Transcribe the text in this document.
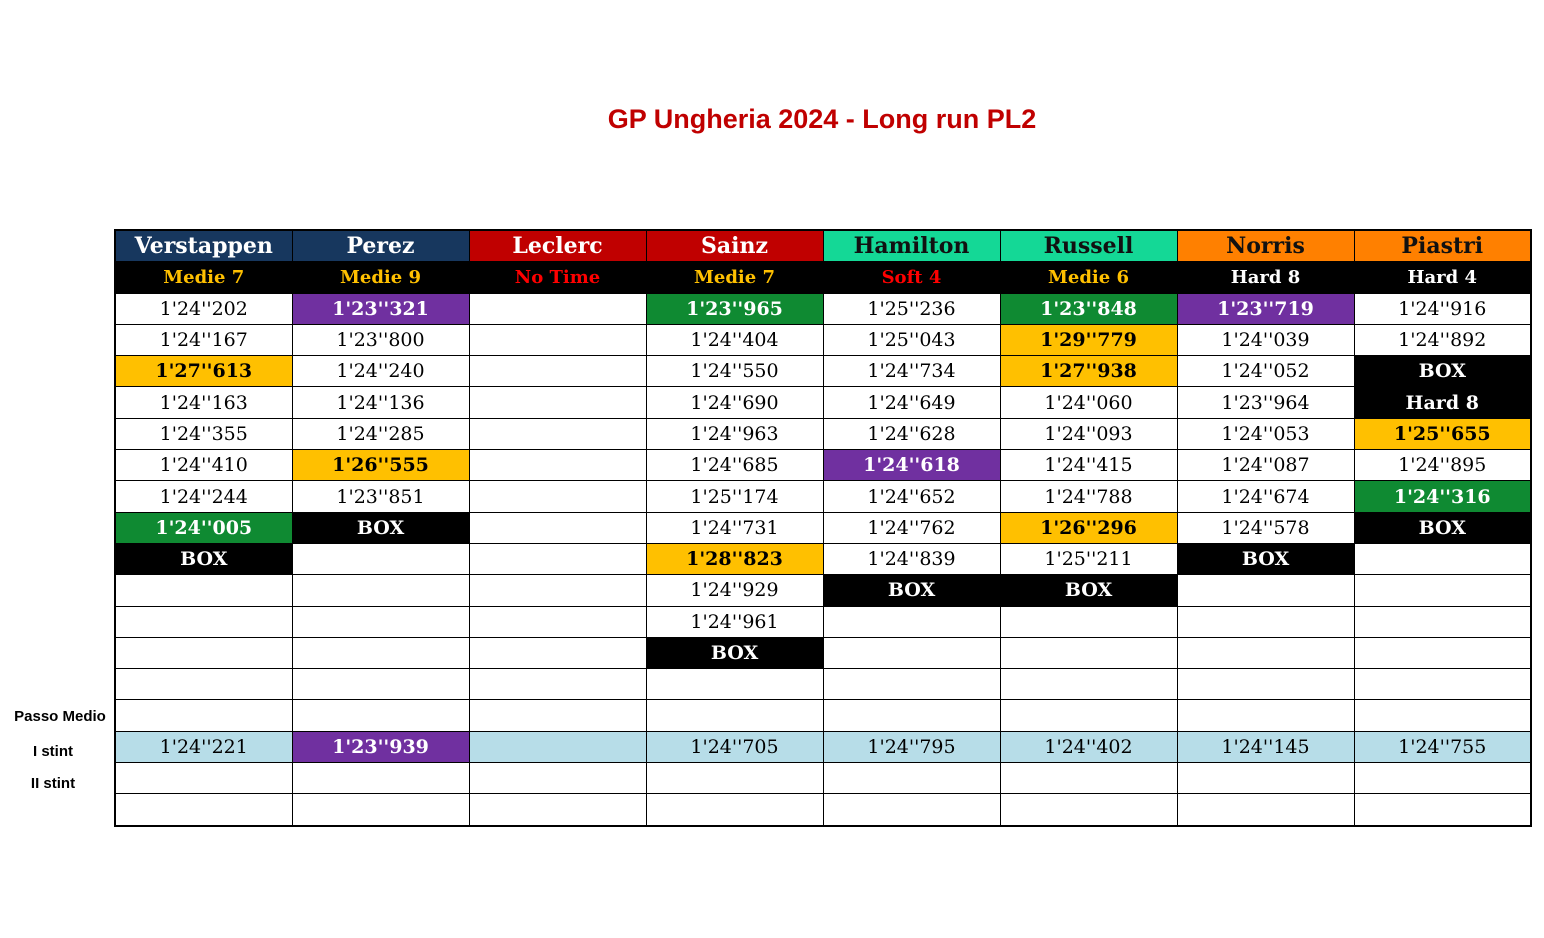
GP Ungheria 2024 - Long run PL2
Passo Medio
I stint
II stint
Verstappen	Perez	Leclerc	Sainz	Hamilton	Russell	Norris	Piastri
Medie 7	Medie 9	No Time	Medie 7	Soft 4	Medie 6	Hard 8	Hard 4
1'24''202	1'23''321		1'23''965	1'25''236	1'23''848	1'23''719	1'24''916
1'24''167	1'23''800		1'24''404	1'25''043	1'29''779	1'24''039	1'24''892
1'27''613	1'24''240		1'24''550	1'24''734	1'27''938	1'24''052	BOX
1'24''163	1'24''136		1'24''690	1'24''649	1'24''060	1'23''964	Hard 8
1'24''355	1'24''285		1'24''963	1'24''628	1'24''093	1'24''053	1'25''655
1'24''410	1'26''555		1'24''685	1'24''618	1'24''415	1'24''087	1'24''895
1'24''244	1'23''851		1'25''174	1'24''652	1'24''788	1'24''674	1'24''316
1'24''005	BOX		1'24''731	1'24''762	1'26''296	1'24''578	BOX
BOX			1'28''823	1'24''839	1'25''211	BOX	
			1'24''929	BOX	BOX		
			1'24''961				
			BOX				

1'24''221	1'23''939		1'24''705	1'24''795	1'24''402	1'24''145	1'24''755
